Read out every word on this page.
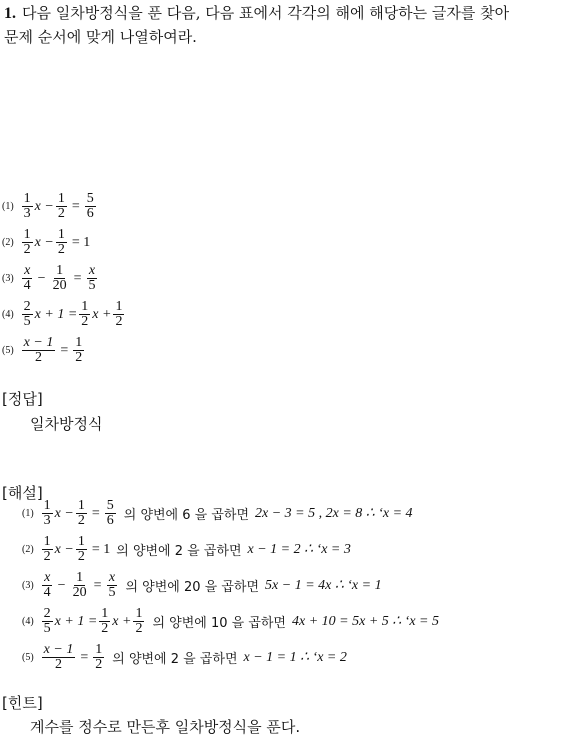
1. 다음 일차방정식을 푼 다음, 다음 표에서 각각의 해에 해당하는 글자를 찾아
문제 순서에 맞게 나열하여라.
$(1) \frac{1}{3}$ $x - \frac{1}{2} = \frac{5}{6}$
$(2) \frac{1}{2}$ $x - \frac{1}{2} = 1$
$(3) \frac{x}{4} - \frac{1}{20} = \frac{x}{5}$
$(4) \frac{2}{5}$ $x + 1 = \frac{1}{2}$ $x + \frac{1}{2}$
$(5) \frac{x - 1}{2} = \frac{1}{2}$
[정답]
일차방정식
[해설]
$(1) \frac{1}{3}$ $x - \frac{1}{2} = \frac{5}{6}$ 의 양변에 6 을 곱하면 2x − 3 = 5 , 2x = 8 ∴ ‘x = 4
$(2) \frac{1}{2}$ $x - \frac{1}{2} = 1$ 의 양변에 2 을 곱하면 x − 1 = 2 ∴ ‘x = 3
$(3) \frac{x}{4} - \frac{1}{20} = \frac{x}{5}$ 의 양변에 20 을 곱하면 5x − 1 = 4x ∴ ‘x = 1
$(4) \frac{2}{5}$ $x + 1 = \frac{1}{2}$ $x + \frac{1}{2}$ 의 양변에 10 을 곱하면 4x + 10 = 5x + 5 ∴ ‘x = 5
$(5) \frac{x - 1}{2} = \frac{1}{2}$ 의 양변에 2 을 곱하면 x − 1 = 1 ∴ ‘x = 2
[힌트]
계수를 정수로 만든후 일차방정식을 푼다.
